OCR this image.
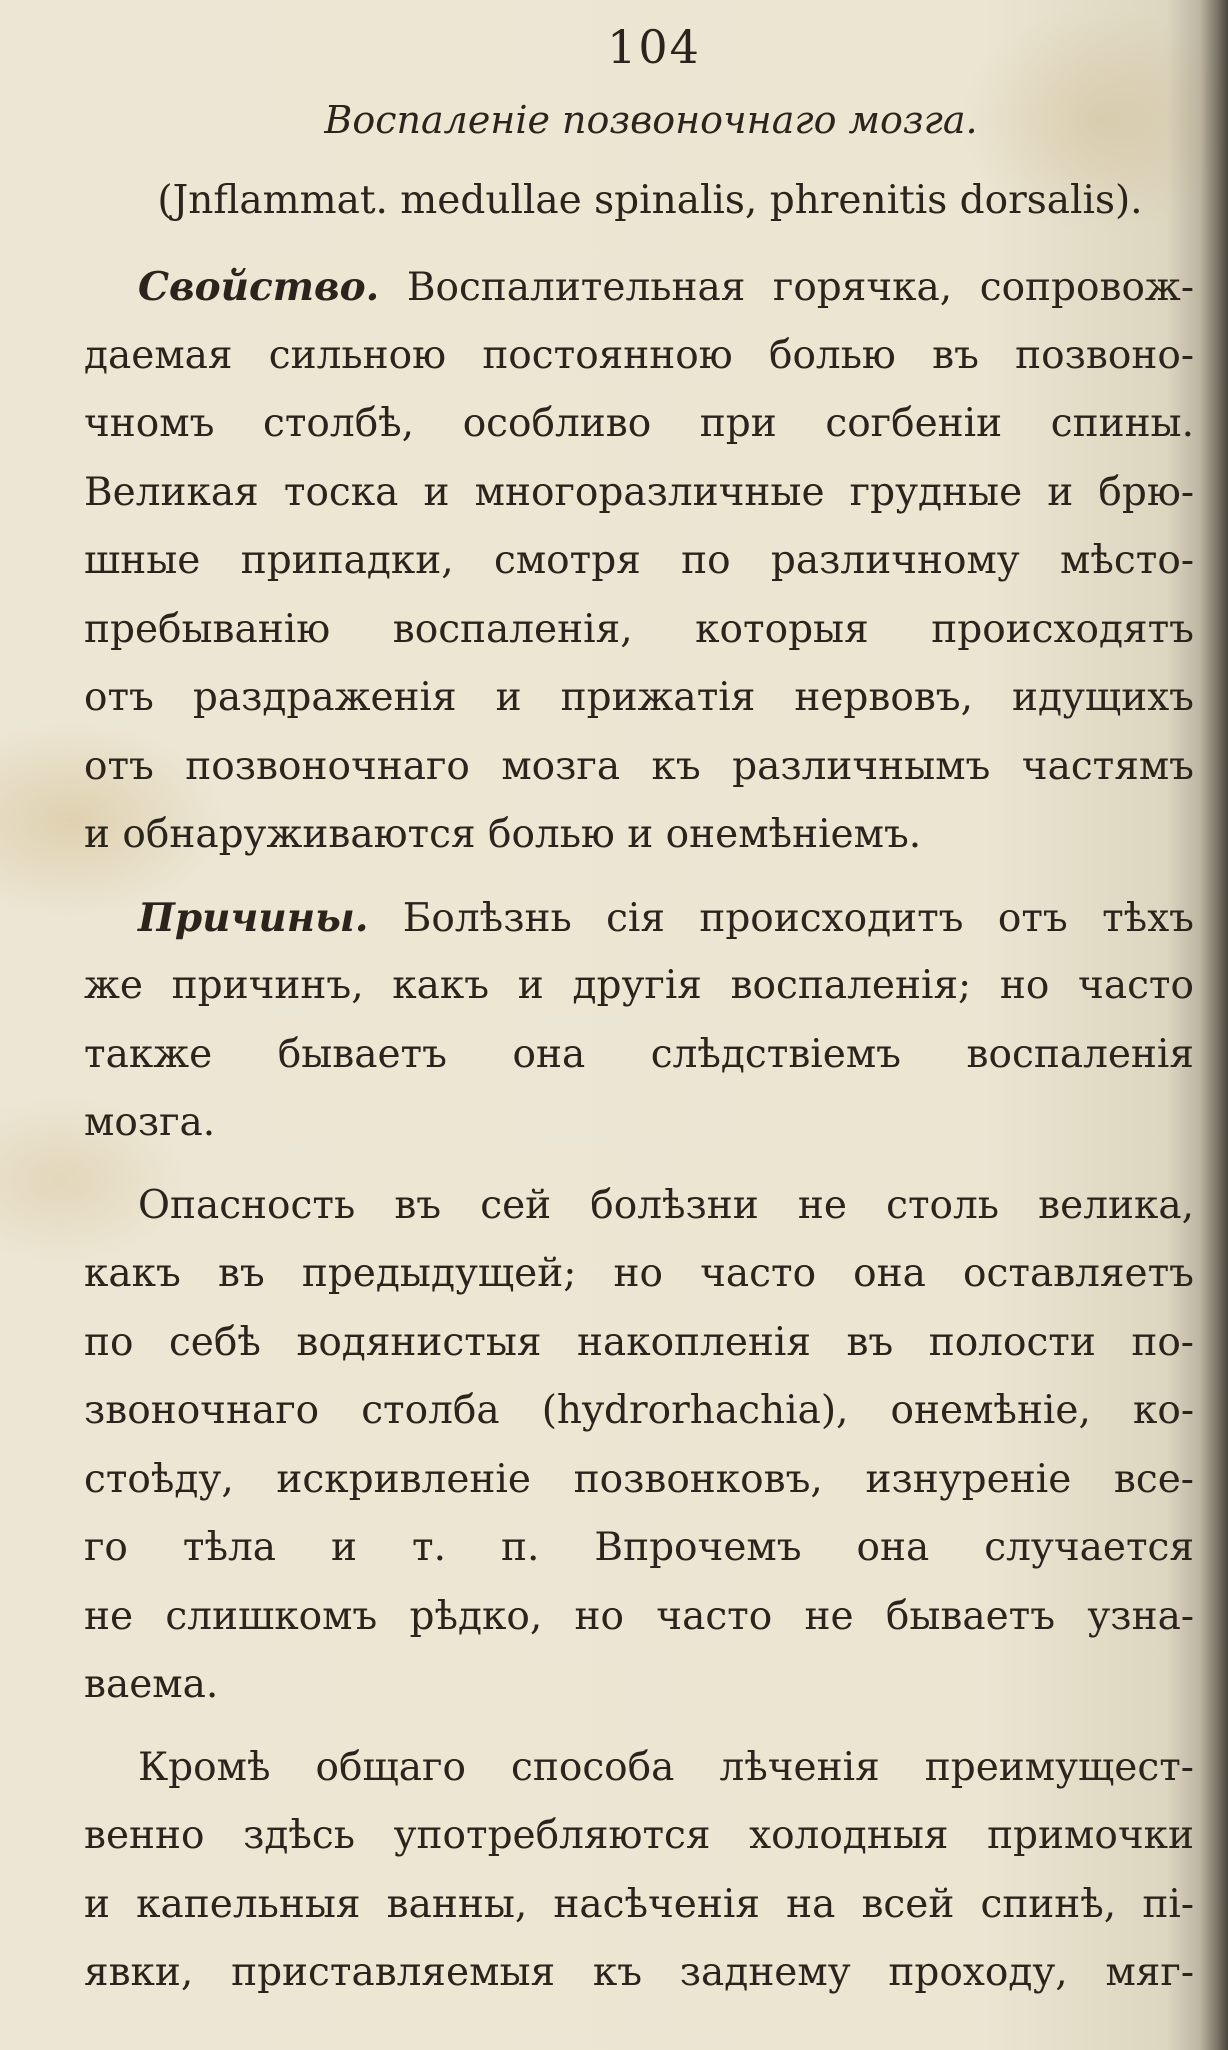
104
Воспаленіе позвоночнаго мозга.
(Jnflammat. medullae spinalis, phrenitis dorsalis).
Свойство. Воспалительная горячка, сопровож-
даемая сильною постоянною болью въ позвоно-
чномъ столбѣ, особливо при согбеніи спины.
Великая тоска и многоразличные грудные и брю-
шные припадки, смотря по различному мѣсто-
пребыванію воспаленія, которыя происходятъ
отъ раздраженія и прижатія нервовъ, идущихъ
отъ позвоночнаго мозга къ различнымъ частямъ
и обнаруживаются болью и онемѣніемъ.
Причины. Болѣзнь сія происходитъ отъ тѣхъ
же причинъ, какъ и другія воспаленія; но часто
также бываетъ она слѣдствіемъ воспаленія
мозга.
Опасность въ сей болѣзни не столь велика,
какъ въ предыдущей; но часто она оставляетъ
по себѣ водянистыя накопленія въ полости по-
звоночнаго столба (hydrorhachia), онемѣніе, ко-
стоѣду, искривленіе позвонковъ, изнуреніе все-
го тѣла и т. п. Впрочемъ она случается
не слишкомъ рѣдко, но часто не бываетъ узна-
ваема.
Кромѣ общаго способа лѣченія преимущест-
венно здѣсь употребляются холодныя примочки
и капельныя ванны, насѣченія на всей спинѣ, пі-
явки, приставляемыя къ заднему проходу, мяг-
